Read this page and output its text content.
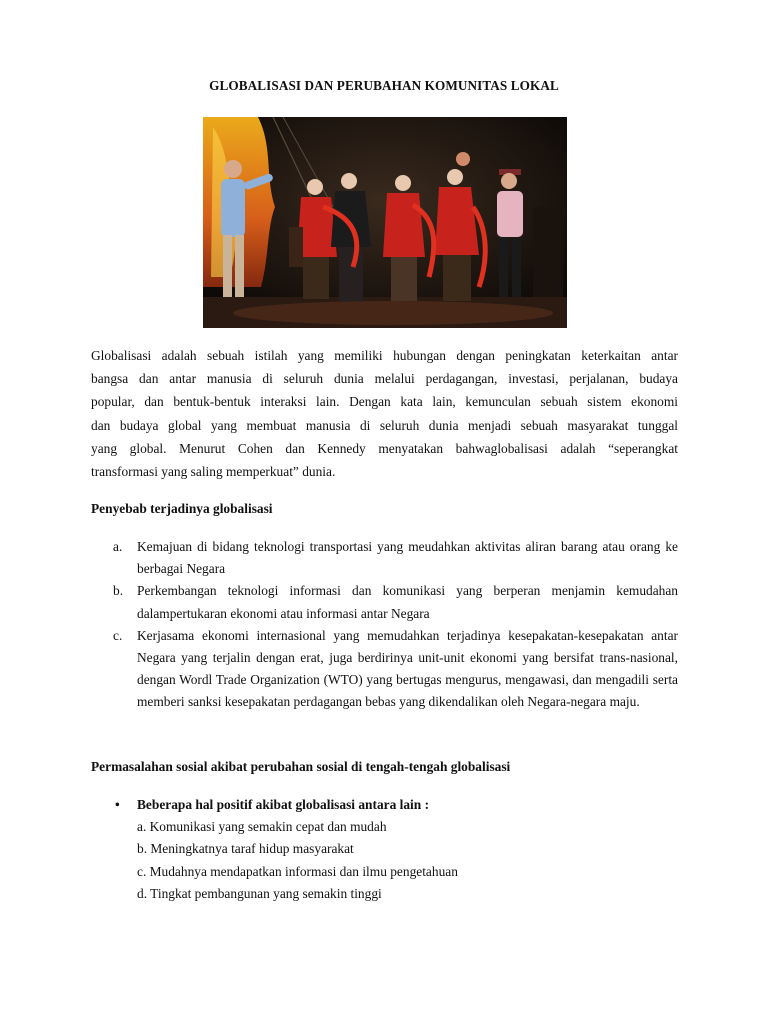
GLOBALISASI DAN PERUBAHAN KOMUNITAS LOKAL
Globalisasi adalah sebuah istilah yang memiliki hubungan dengan peningkatan keterkaitan antar
bangsa dan antar manusia di seluruh dunia melalui perdagangan, investasi, perjalanan, budaya
popular, dan bentuk-bentuk interaksi lain. Dengan kata lain, kemunculan sebuah sistem ekonomi
dan budaya global yang membuat manusia di seluruh dunia menjadi sebuah masyarakat tunggal
yang global. Menurut Cohen dan Kennedy menyatakan bahwaglobalisasi adalah “seperangkat
transformasi yang saling memperkuat” dunia.
Penyebab terjadinya globalisasi
a. Kemajuan di bidang teknologi transportasi yang meudahkan aktivitas aliran barang atau orang ke berbagai Negara
b. Perkembangan teknologi informasi dan komunikasi yang berperan menjamin kemudahan dalampertukaran ekonomi atau informasi antar Negara
c. Kerjasama ekonomi internasional yang memudahkan terjadinya kesepakatan-kesepakatan antar Negara yang terjalin dengan erat, juga berdirinya unit-unit ekonomi yang bersifat trans-nasional, dengan Wordl Trade Organization (WTO) yang bertugas mengurus, mengawasi, dan mengadili serta memberi sanksi kesepakatan perdagangan bebas yang dikendalikan oleh Negara-negara maju.
Permasalahan sosial akibat perubahan sosial di tengah-tengah globalisasi
• Beberapa hal positif akibat globalisasi antara lain :
a. Komunikasi yang semakin cepat dan mudah
b. Meningkatnya taraf hidup masyarakat
c. Mudahnya mendapatkan informasi dan ilmu pengetahuan
d. Tingkat pembangunan yang semakin tinggi
